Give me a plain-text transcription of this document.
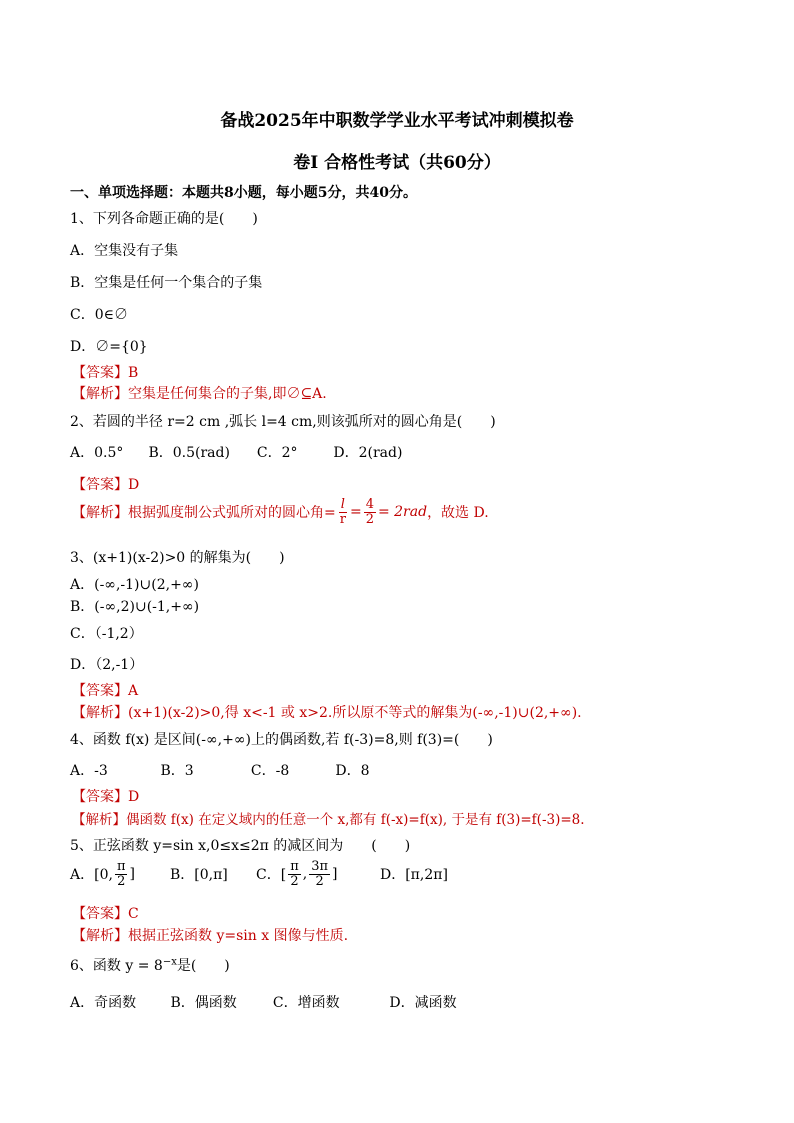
备战2025年中职数学学业水平考试冲刺模拟卷
卷Ⅰ 合格性考试（共60分）
一、单项选择题：本题共8小题，每小题5分，共40分。
1、下列各命题正确的是(　　)
A．空集没有子集
B．空集是任何一个集合的子集
C．0∈∅
D．∅={0}
【答案】B
【解析】空集是任何集合的子集,即∅⊆A.
2、若圆的半径 r=2 cm ,弧长 l=4 cm,则该弧所对的圆心角是(　　)
A．0.5° B．0.5(rad) C．2°	D．2(rad)
【答案】D
【解析】 根据弧度制公式弧所对的圆心角= $\frac{l}{r} = \frac{4}{2} = 2rad$ ，故选 D.
3、(x+1)(x-2)>0 的解集为(　　)
A．(-∞,-1)∪(2,+∞)
B．(-∞,2)∪(-1,+∞)
C．（-1,2）
D．（2,-1）
【答案】A
【解析】(x+1)(x-2)>0,得 x<-1 或 x>2.所以原不等式的解集为(-∞,-1)∪(2,+∞).
4、函数 f(x) 是区间(-∞,+∞)上的偶函数,若 f(-3)=8,则 f(3)=(　　)
A．-3	B．3	C．-8	D．8
【答案】D
【解析】偶函数 f(x) 在定义域内的任意一个 x,都有 f(-x)=f(x), 于是有 f(3)=f(-3)=8.
5、正弦函数 y=sin x,0≤x≤2π 的减区间为　　(　　)
A．[0, $\frac{\pi}{2}$ ]	B．[0,π]	C．[ $\frac{\pi}{2}$ , $\frac{3\pi}{2}$ ]	D．[π,2π]
【答案】C
【解析】根据正弦函数 y=sin x 图像与性质.
6、函数 $y = 8^{-x}$是(　　)
A．奇函数 B．偶函数	C．增函数	D．减函数
